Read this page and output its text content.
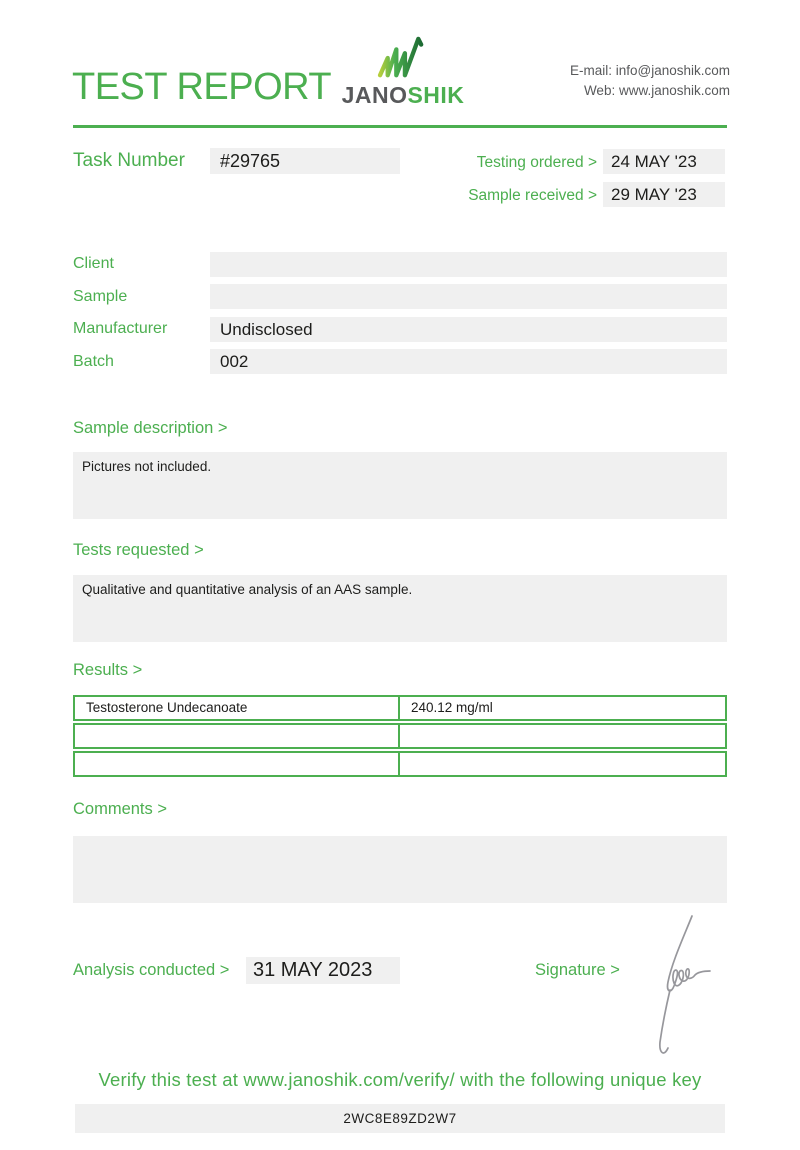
TEST REPORT JANOSHIK
E-mail: info@janoshik.com
Web: www.janoshik.com
Task Number	#29765	Testing ordered > 24 MAY '23
Sample received > 29 MAY '23
Client
Sample
Manufacturer	Undisclosed
Batch	002
Sample description >
Pictures not included.
Tests requested >
Qualitative and quantitative analysis of an AAS sample.
Results >
Testosterone Undecanoate	240.12 mg/ml
Comments >
Analysis conducted >	31 MAY 2023	Signature >
Verify this test at www.janoshik.com/verify/ with the following unique key
2WC8E89ZD2W7
